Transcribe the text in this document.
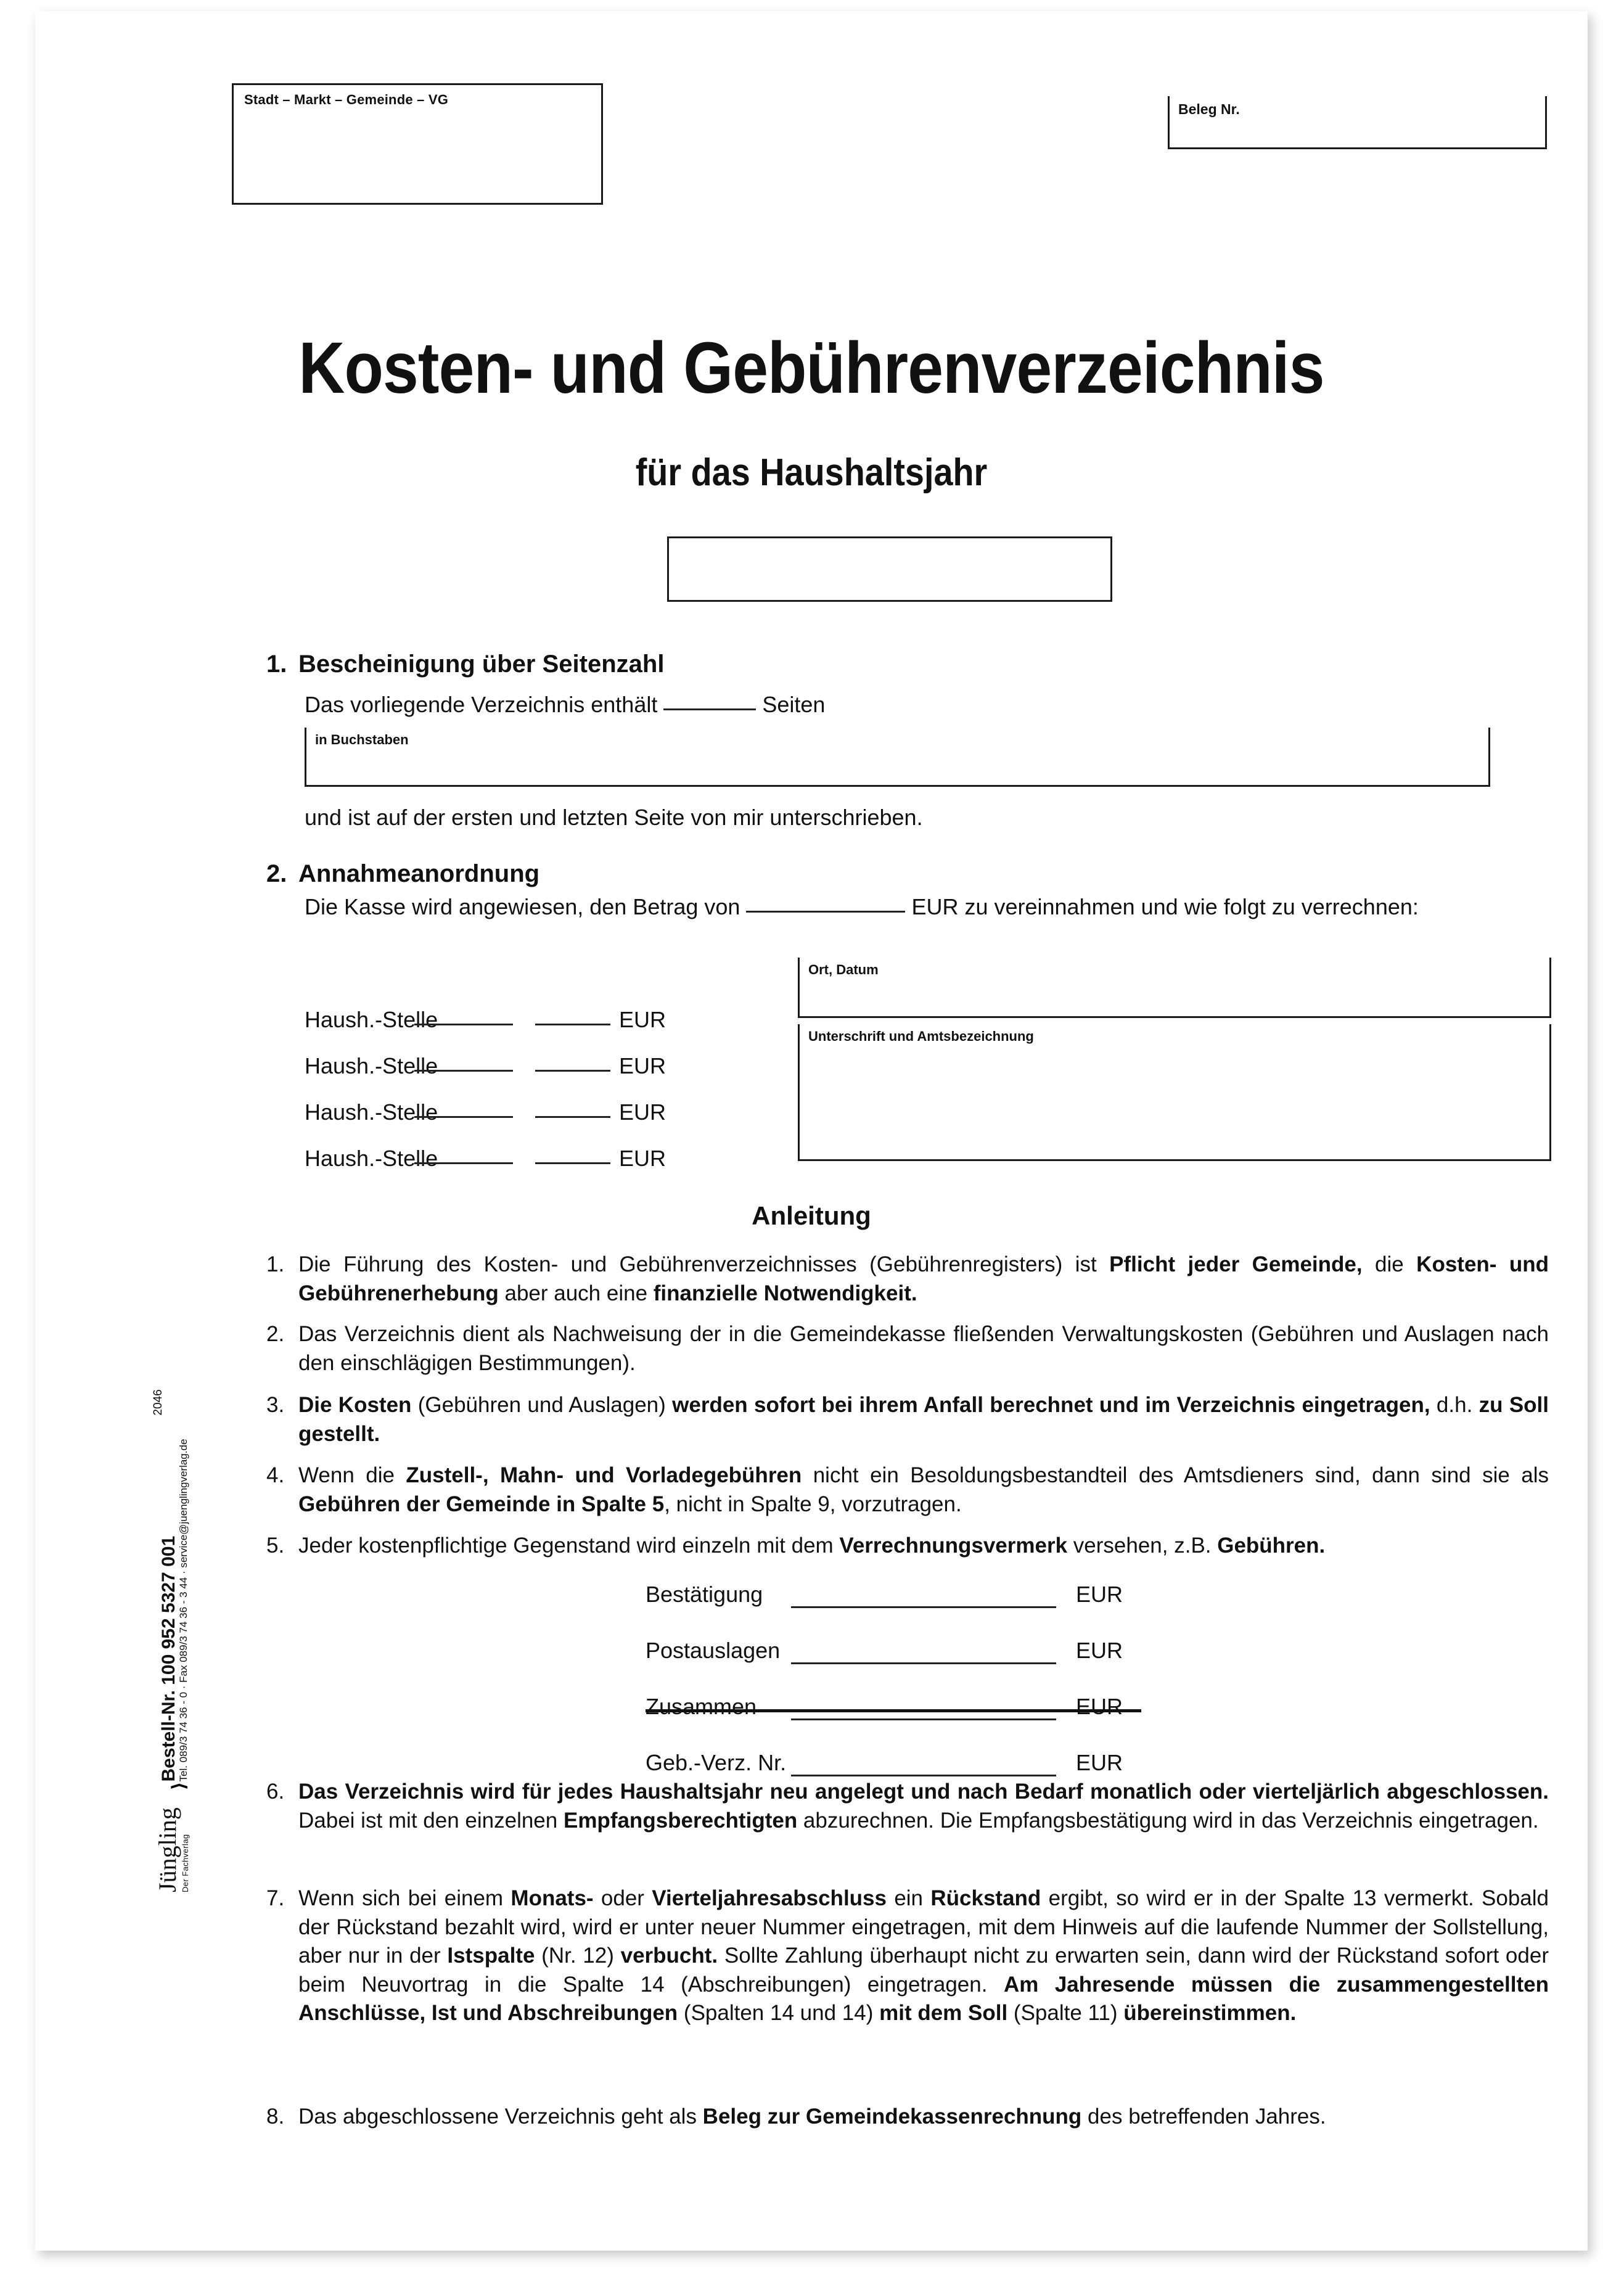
Stadt – Markt – Gemeinde – VG
Beleg Nr.
Kosten- und Gebührenverzeichnis
für das Haushaltsjahr
1. Bescheinigung über Seitenzahl
Das vorliegende Verzeichnis enthält	Seiten
in Buchstaben
und ist auf der ersten und letzten Seite von mir unterschrieben.
2. Annahmeanordnung
Die Kasse wird angewiesen, den Betrag von	EUR zu vereinnahmen und wie folgt zu verrechnen:
Haush.-Stelle	EUR
Haush.-Stelle	EUR
Haush.-Stelle	EUR
Haush.-Stelle	EUR
Ort, Datum
Unterschrift und Amtsbezeichnung
Anleitung
1. Die Führung des Kosten- und Gebührenverzeichnisses (Gebührenregisters) ist Pflicht jeder Gemeinde, die Kosten- und Gebührenerhebung aber auch eine finanzielle Notwendigkeit.
2. Das Verzeichnis dient als Nachweisung der in die Gemeindekasse fließenden Verwaltungskosten (Gebühren und Auslagen nach den einschlägigen Bestimmungen).
3. Die Kosten (Gebühren und Auslagen) werden sofort bei ihrem Anfall berechnet und im Verzeichnis eingetragen, d.h. zu Soll gestellt.
4. Wenn die Zustell-, Mahn- und Vorladegebühren nicht ein Besoldungsbestandteil des Amtsdieners sind, dann sind sie als Gebühren der Gemeinde in Spalte 5, nicht in Spalte 9, vorzutragen.
5. Jeder kostenpflichtige Gegenstand wird einzeln mit dem Verrechnungsvermerk versehen, z.B. Gebühren.
Bestätigung	EUR
Postauslagen	EUR
Zusammen	EUR
Geb.-Verz. Nr.	EUR
6. Das Verzeichnis wird für jedes Haushaltsjahr neu angelegt und nach Bedarf monatlich oder vierteljärlich abgeschlossen. Dabei ist mit den einzelnen Empfangsberechtigten abzurechnen. Die Empfangsbestätigung wird in das Verzeichnis eingetragen.
7. Wenn sich bei einem Monats- oder Vierteljahresabschluss ein Rückstand ergibt, so wird er in der Spalte 13 vermerkt. Sobald der Rückstand bezahlt wird, wird er unter neuer Nummer eingetragen, mit dem Hinweis auf die laufende Nummer der Sollstellung, aber nur in der Istspalte (Nr. 12) verbucht. Sollte Zahlung überhaupt nicht zu erwarten sein, dann wird der Rückstand sofort oder beim Neuvortrag in die Spalte 14 (Abschreibungen) eingetragen. Am Jahresende müssen die zusammengestellten Anschlüsse, Ist und Abschreibungen (Spalten 14 und 14) mit dem Soll (Spalte 11) übereinstimmen.
8. Das abgeschlossene Verzeichnis geht als Beleg zur Gemeindekassenrechnung des betreffenden Jahres.
Jüngling Der Fachverlag
⟩
Bestell-Nr. 100 952 5327 001
Tel. 089/3 74 36 - 0 · Fax 089/3 74 36 - 3 44 · service@juenglingverlag.de
2046
